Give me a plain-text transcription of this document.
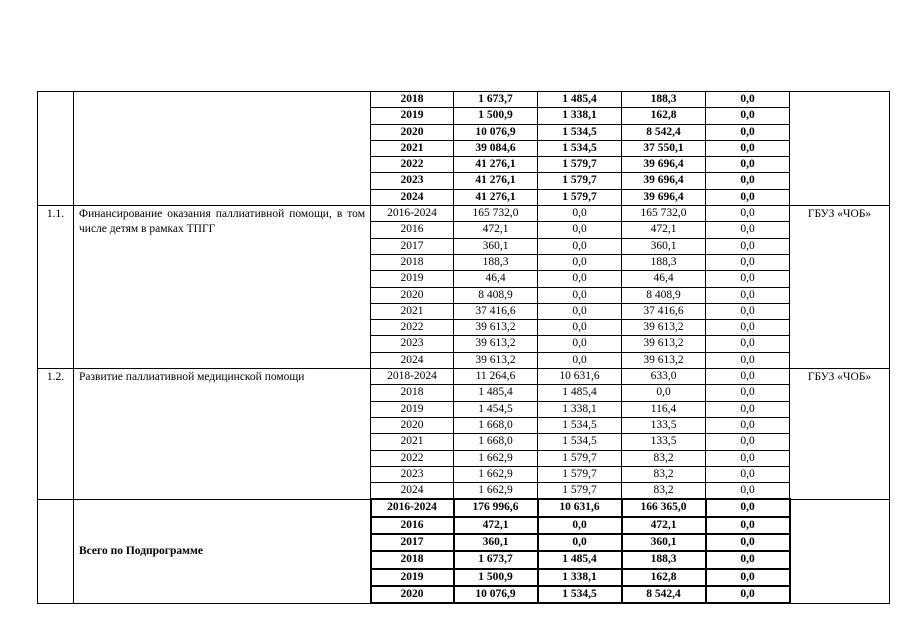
		2018	1 673,7	1 485,4	188,3	0,0	
		2019	1 500,9	1 338,1	162,8	0,0	
		2020	10 076,9	1 534,5	8 542,4	0,0	
		2021	39 084,6	1 534,5	37 550,1	0,0	
		2022	41 276,1	1 579,7	39 696,4	0,0	
		2023	41 276,1	1 579,7	39 696,4	0,0	
		2024	41 276,1	1 579,7	39 696,4	0,0	
1.1.	Финансирование оказания паллиативной помощи, в том числе детям в рамках ТПГГ	2016-2024	165 732,0	0,0	165 732,0	0,0	ГБУЗ «ЧОБ»
		2016	472,1	0,0	472,1	0,0	
		2017	360,1	0,0	360,1	0,0	
		2018	188,3	0,0	188,3	0,0	
		2019	46,4	0,0	46,4	0,0	
		2020	8 408,9	0,0	8 408,9	0,0	
		2021	37 416,6	0,0	37 416,6	0,0	
		2022	39 613,2	0,0	39 613,2	0,0	
		2023	39 613,2	0,0	39 613,2	0,0	
		2024	39 613,2	0,0	39 613,2	0,0	
1.2.	Развитие паллиативной медицинской помощи	2018-2024	11 264,6	10 631,6	633,0	0,0	ГБУЗ «ЧОБ»
		2018	1 485,4	1 485,4	0,0	0,0	
		2019	1 454,5	1 338,1	116,4	0,0	
		2020	1 668,0	1 534,5	133,5	0,0	
		2021	1 668,0	1 534,5	133,5	0,0	
		2022	1 662,9	1 579,7	83,2	0,0	
		2023	1 662,9	1 579,7	83,2	0,0	
		2024	1 662,9	1 579,7	83,2	0,0	
	Всего по Подпрограмме	2016-2024	176 996,6	10 631,6	166 365,0	0,0	
		2016	472,1	0,0	472,1	0,0	
		2017	360,1	0,0	360,1	0,0	
		2018	1 673,7	1 485,4	188,3	0,0	
		2019	1 500,9	1 338,1	162,8	0,0	
		2020	10 076,9	1 534,5	8 542,4	0,0	
